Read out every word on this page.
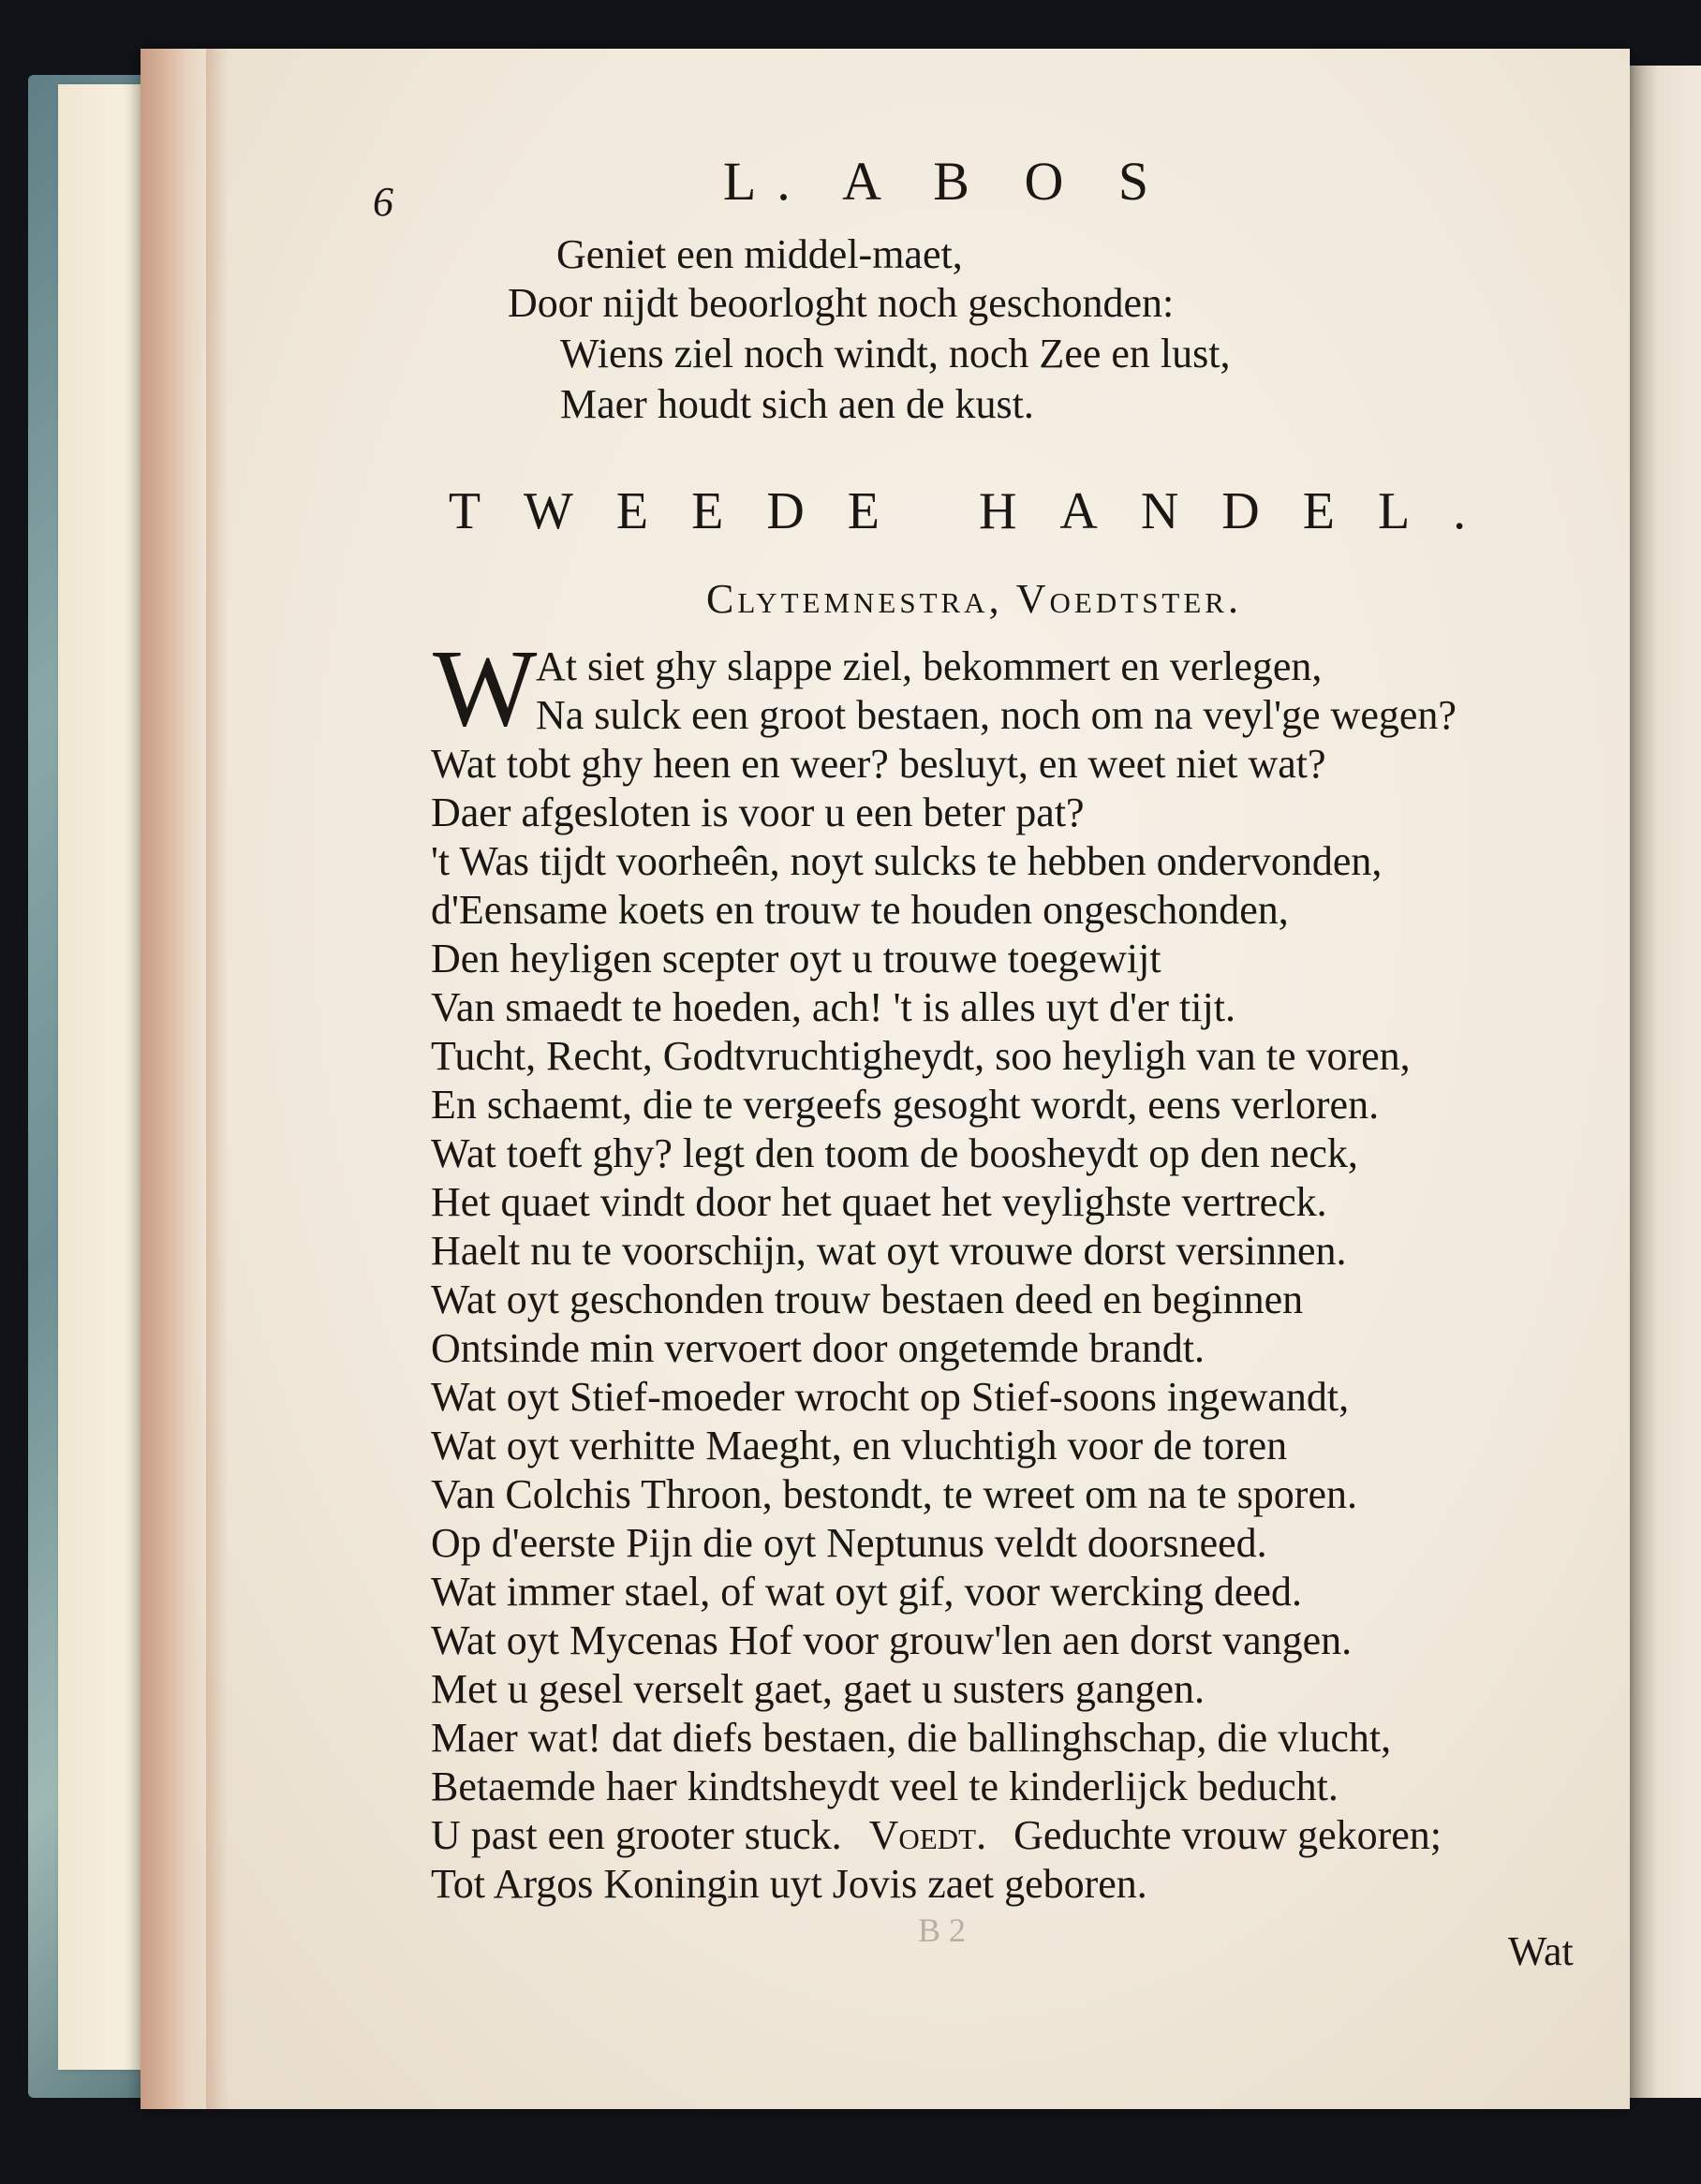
6	L. A B O S
Geniet een middel-maet,
Door nijdt beoorloght noch geschonden:
Wiens ziel noch windt, noch Zee en lust,
Maer houdt sich aen de kust.
TWEEDE HANDEL.
Clytemnestra, Voedtster.
W
At siet ghy slappe ziel, bekommert en verlegen,
Na sulck een groot bestaen, noch om na veyl'ge wegen?
Wat tobt ghy heen en weer? besluyt, en weet niet wat?
Daer afgesloten is voor u een beter pat?
't Was tijdt voorheên, noyt sulcks te hebben ondervonden,
d'Eensame koets en trouw te houden ongeschonden,
Den heyligen scepter oyt u trouwe toegewijt
Van smaedt te hoeden, ach! 't is alles uyt d'er tijt.
Tucht, Recht, Godtvruchtigheydt, soo heyligh van te voren,
En schaemt, die te vergeefs gesoght wordt, eens verloren.
Wat toeft ghy? legt den toom de boosheydt op den neck,
Het quaet vindt door het quaet het veylighste vertreck.
Haelt nu te voorschijn, wat oyt vrouwe dorst versinnen.
Wat oyt geschonden trouw bestaen deed en beginnen
Ontsinde min vervoert door ongetemde brandt.
Wat oyt Stief-moeder wrocht op Stief-soons ingewandt,
Wat oyt verhitte Maeght, en vluchtigh voor de toren
Van Colchis Throon, bestondt, te wreet om na te sporen.
Op d'eerste Pijn die oyt Neptunus veldt doorsneed.
Wat immer stael, of wat oyt gif, voor wercking deed.
Wat oyt Mycenas Hof voor grouw'len aen dorst vangen.
Met u gesel verselt gaet, gaet u susters gangen.
Maer wat! dat diefs bestaen, die ballinghschap, die vlucht,
Betaemde haer kindtsheydt veel te kinderlijck beducht.
U past een grooter stuck. Voedt. Geduchte vrouw gekoren;
Tot Argos Koningin uyt Jovis zaet geboren.
B 2	Wat
